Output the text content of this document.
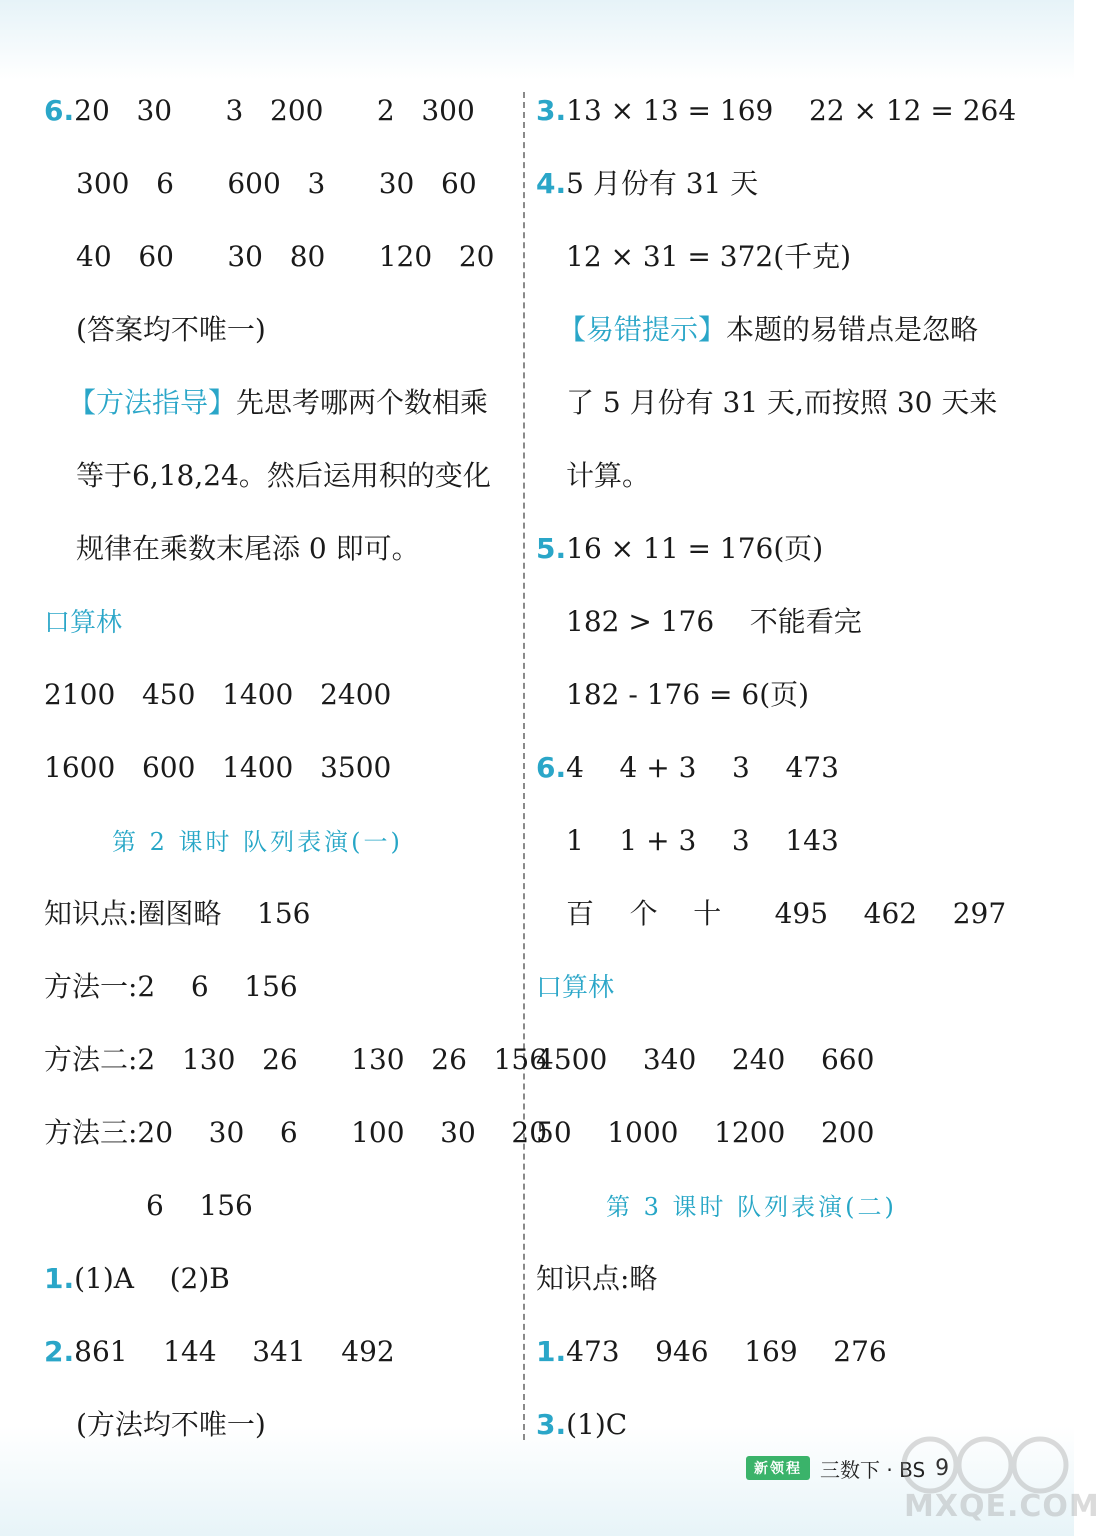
6.20   30      3   200      2   300
300   6      600   3      30   60
40   60      30   80      120   20
(答案均不唯一)
【方法指导】先思考哪两个数相乘
等于6,18,24。然后运用积的变化
规律在乘数末尾添 0 即可。
口算林
2100   450   1400   2400
1600   600   1400   3500
第 2 课时 队列表演(一)
知识点:圈图略    156
方法一:2    6    156
方法二:2   130   26      130   26   156
方法三:20    30    6      100    30    20
6    156
1.(1)A    (2)B
2.861    144    341    492
(方法均不唯一)
3.13 × 13 = 169    22 × 12 = 264
4.5 月份有 31 天
12 × 31 = 372(千克)
【易错提示】本题的易错点是忽略
了 5 月份有 31 天,而按照 30 天来
计算。
5.16 × 11 = 176(页)
182 > 176    不能看完
182 - 176 = 6(页)
6.4    4 + 3    3    473
1    1 + 3    3    143
百    个    十      495    462    297
口算林
4500    340    240    660
50    1000    1200    200
第 3 课时 队列表演(二)
知识点:略
1.473    946    169    276
3.(1)C
新领程 三数下 · BS 9
MXQE.COM
